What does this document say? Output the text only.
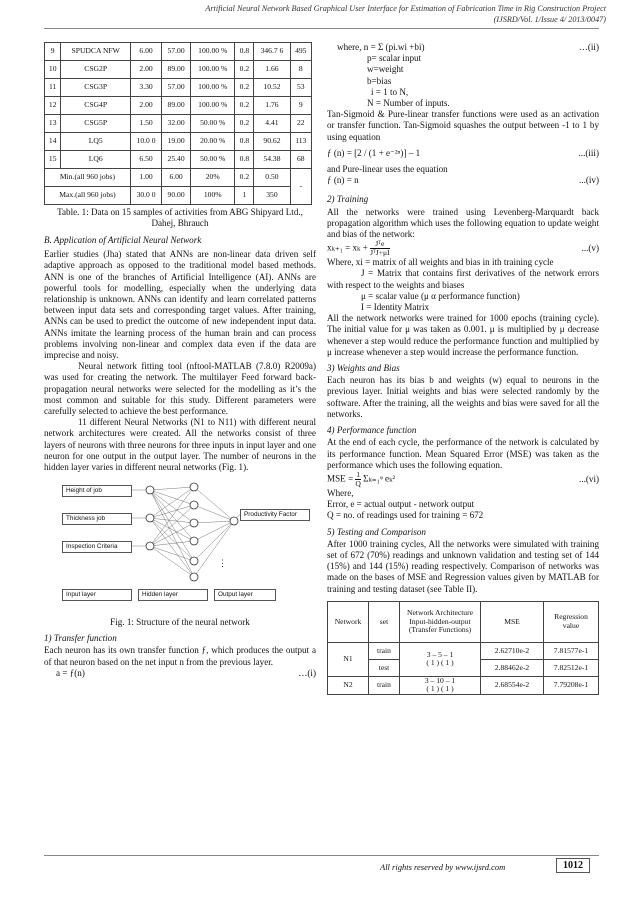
Artificial Neural Network Based Graphical User Interface for Estimation of Fabrication Time in Rig Construction Project
(IJSRD/Vol. 1/Issue 4/ 2013/0047)
9	SPUDCA NFW	6.00	57.00	100.00 %	0.8	346.7 6	495
10	CSG2P	2.00	89.00	100.00 %	0.2	1.66	8
11	CSG3P	3.30	57.00	100.00 %	0.2	10.52	53
12	CSG4P	2.00	89.00	100.00 %	0.2	1.76	9
13	CSG5P	1.50	32.00	50.00 %	0.2	4.41	22
14	LQ5	10.0 0	19.00	20.00 %	0.8	90.62	113
15	LQ6	6.50	25.40	50.00 %	0.8	54.38	68
Min.(all 960 jobs)		1.00	6.00	20%	0.2	0.50	-
Max.(all 960 jobs)		30.0 0	90.00	100%	1	350	
Table. 1: Data on 15 samples of activities from ABG Shipyard Ltd., Dahej, Bhrauch
B. Application of Artificial Neural Network

Earlier studies (Jha) stated that ANNs are non-linear data driven self adaptive approach as opposed to the traditional model based methods. ANN is one of the branches of Artificial Intelligence (AI). ANNs are powerful tools for modelling, especially when the underlying data relationship is unknown. ANNs can identify and learn correlated patterns between input data sets and corresponding target values. After training, ANNs can be used to predict the outcome of new independent input data. ANNs imitate the learning process of the human brain and can process problems involving non-linear and complex data even if the data are imprecise and noisy.

Neural network fitting tool (nftool-MATLAB (7.8.0) R2009a) was used for creating the network. The multilayer Feed forward back-propagation neural networks were selected for the modelling as it’s the most common and suitable for this study. Different parameters were carefully selected to achieve the best performance.

11 different Neural Networks (N1 to N11) with different neural network architectures were created. All the networks consist of three layers of neurons with three neurons for three inputs in input layer and one neuron for one output in the output layer. The number of neurons in the hidden layer varies in different neural networks (Fig. 1).

⋮
Height of job
Thickness job
Inspection Criteria
Productivity Factor
Input layer	Hidden layer	Output layer
Fig. 1: Structure of the neural network
1) Transfer function

Each neuron has its own transfer function ƒ, which produces the output a of that neuron based on the net input n from the previous layer.

a = ƒ(n)	…(i)
where, n = Σ (pi.wi +bi)	…(ii)
p= scalar input
w=weight
b=bias
i = 1 to N,
N = Number of inputs.

Tan-Sigmoid & Pure-linear transfer functions were used as an activation or transfer function. Tan-Sigmoid squashes the output between -1 to 1 by using equation

ƒ (n) = [2 / (1 + e⁻²ⁿ)] – 1	...(iii)

and Pure-linear uses the equation

ƒ (n) = n	...(iv)
2) Training

All the networks were trained using Levenberg-Marquardt back propagation algorithm which uses the following equation to update weight and bias of the network:

$x_{k+1} = x_k + \frac{\text{Jᵀe}}{\text{JᵀJ+μI}}$	...(v)

Where, xi = matrix of all weights and bias in ith training cycle

J = Matrix that contains first derivatives of the network errors with respect to the weights and biases

μ = scalar value (μ α performance function)

I = Identity Matrix

All the network networks were trained for 1000 epochs (training cycle). The initial value for μ was taken as 0.001. μ is multiplied by μ decrease whenever a step would reduce the performance function and multiplied by μ increase whenever a step would increase the performance function.

3) Weights and Bias

Each neuron has its bias b and weights (w) equal to neurons in the previous layer. Initial weights and bias were selected randomly by the software. After the training, all the weights and bias were saved for all the networks.

4) Performance function

At the end of each cycle, the performance of the network is calculated by its performance function. Mean Squared Error (MSE) was taken as the performance which uses the following equation.

MSE = $\frac{1}{Q}$ Σₖ₌₁ᵠ eₖ²	...(vi)

Where,

Error, e = actual output - network output

Q = no. of readings used for training = 672

5) Testing and Comparison

After 1000 training cycles, All the networks were simulated with training set of 672 (70%) readings and unknown validation and testing set of 144 (15%) and 144 (15%) reading respectively. Comparison of networks was made on the bases of MSE and Regression values given by MATLAB for training and testing dataset (see Table II).

Network	set	Network Architecture Input-hidden-output (Transfer Functions)	MSE	Regression value
N1	train	3 – 5 – 1
( 1 ) ( 1 )	2.62710e-2	7.81577e-1
	test		2.88462e-2	7.82512e-1
N2	train	3 – 10 – 1
( 1 ) ( 1 )	2.68554e-2	7.79208e-1
All rights reserved by www.ijsrd.com	1012
